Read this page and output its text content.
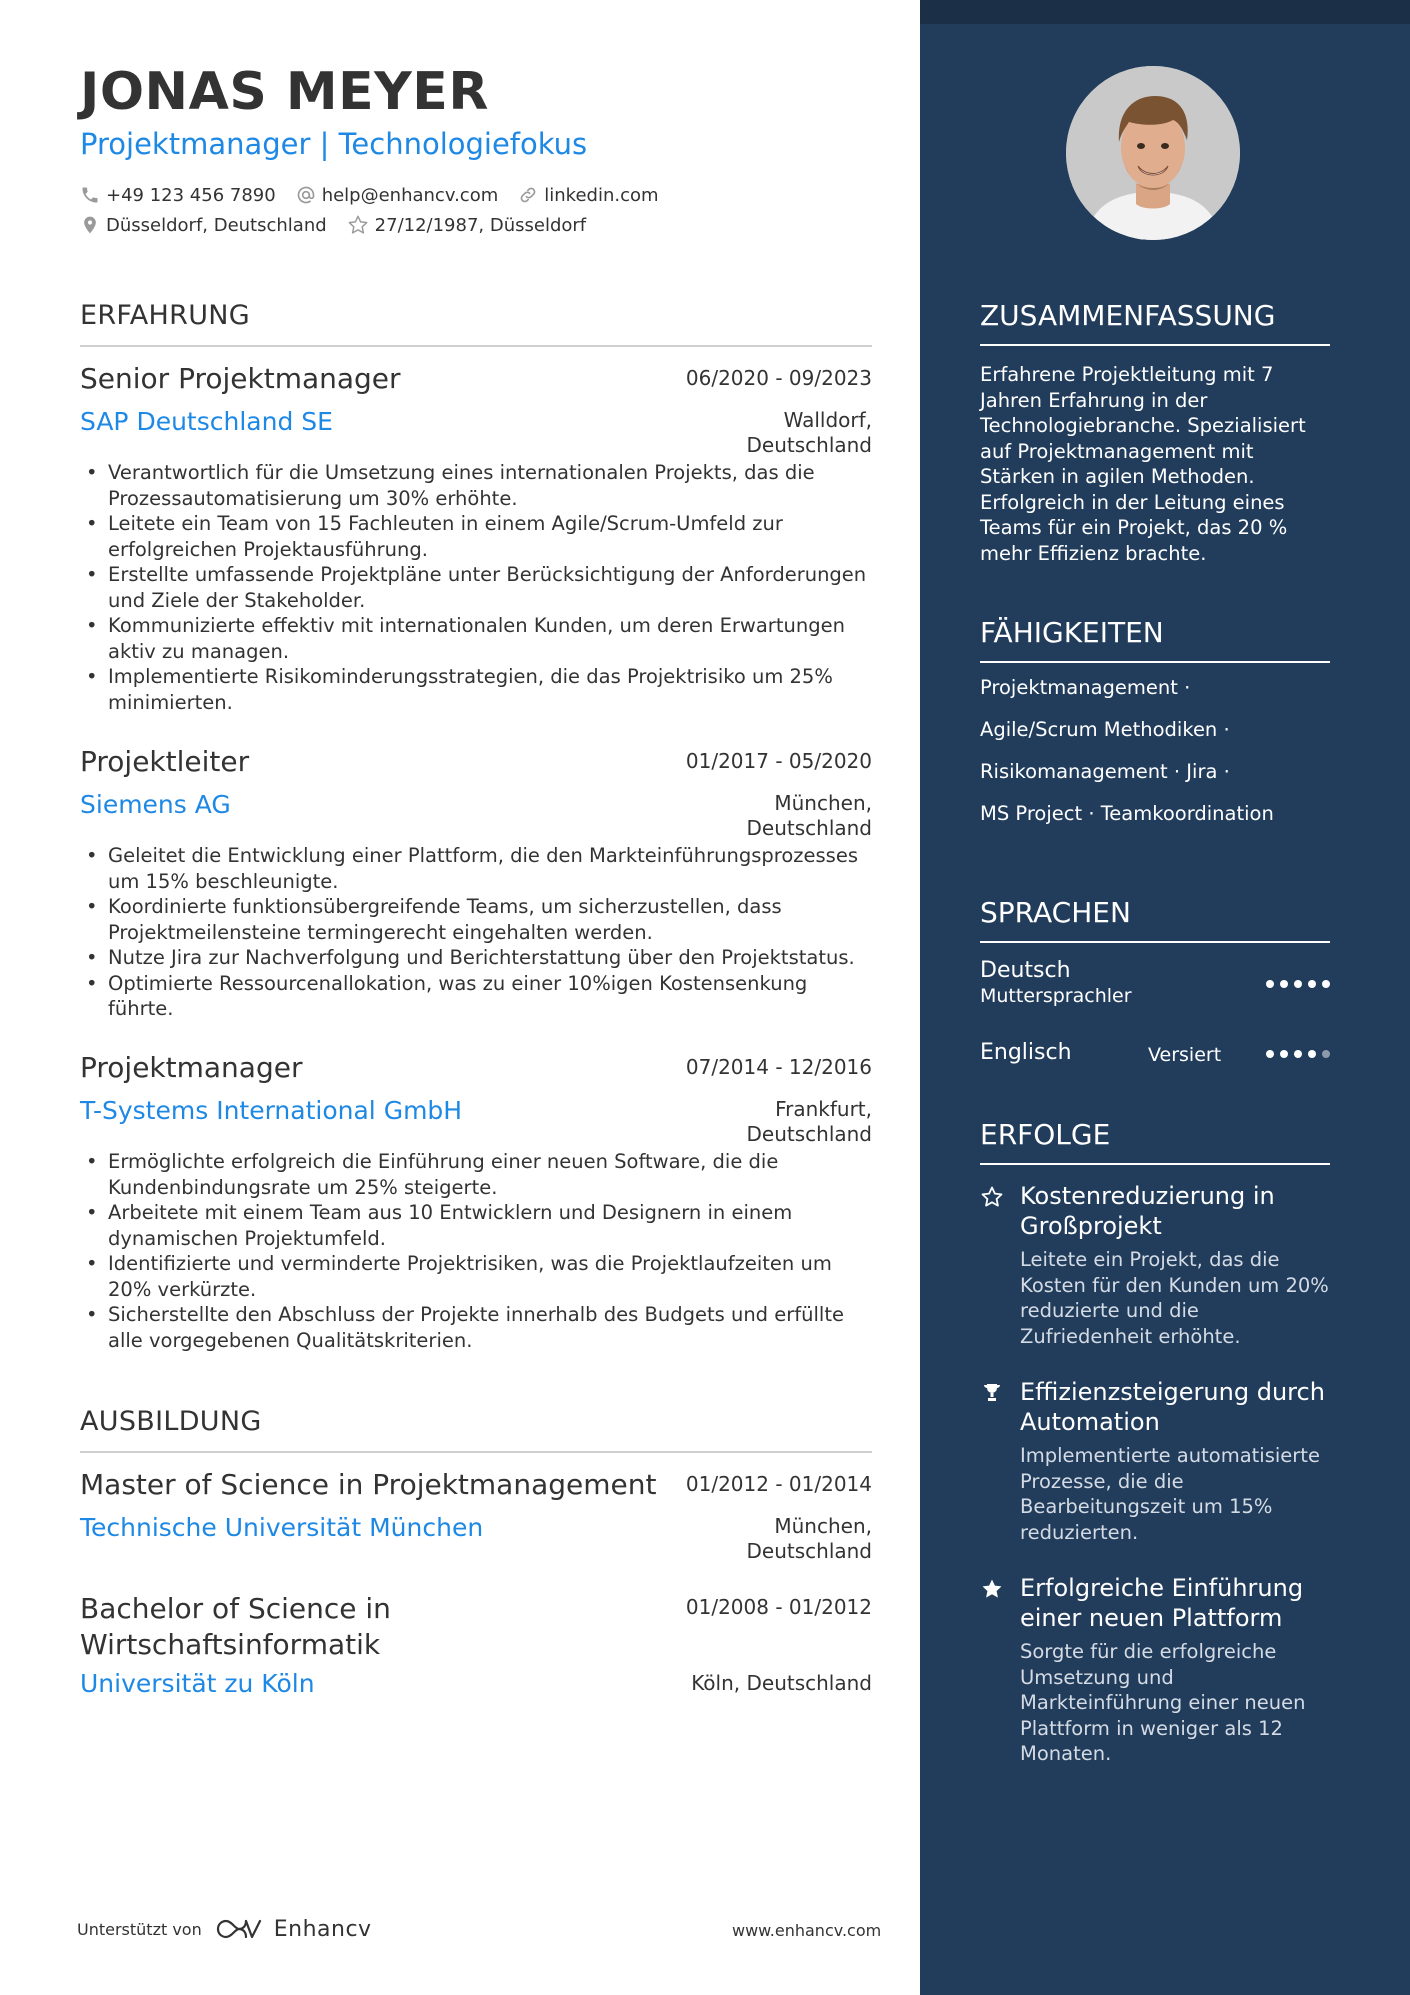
JONAS MEYER
Projektmanager | Technologiefokus
+49 123 456 7890	help@enhancv.com	linkedin.com
Düsseldorf, Deutschland	27/12/1987, Düsseldorf
ERFAHRUNG
Senior Projektmanager	06/2020 - 09/2023
SAP Deutschland SE	Walldorf,
Deutschland
• Verantwortlich für die Umsetzung eines internationalen Projekts, das die Prozessautomatisierung um 30% erhöhte.
• Leitete ein Team von 15 Fachleuten in einem Agile/Scrum-Umfeld zur erfolgreichen Projektausführung.
• Erstellte umfassende Projektpläne unter Berücksichtigung der Anforderungen und Ziele der Stakeholder.
• Kommunizierte effektiv mit internationalen Kunden, um deren Erwartungen aktiv zu managen.
• Implementierte Risikominderungsstrategien, die das Projektrisiko um 25% minimierten.
Projektleiter	01/2017 - 05/2020
Siemens AG	München,
Deutschland
• Geleitet die Entwicklung einer Plattform, die den Markteinführungsprozesses um 15% beschleunigte.
• Koordinierte funktionsübergreifende Teams, um sicherzustellen, dass Projektmeilensteine termingerecht eingehalten werden.
• Nutze Jira zur Nachverfolgung und Berichterstattung über den Projektstatus.
• Optimierte Ressourcenallokation, was zu einer 10%igen Kostensenkung führte.
Projektmanager	07/2014 - 12/2016
T-Systems International GmbH	Frankfurt,
Deutschland
• Ermöglichte erfolgreich die Einführung einer neuen Software, die die Kundenbindungsrate um 25% steigerte.
• Arbeitete mit einem Team aus 10 Entwicklern und Designern in einem dynamischen Projektumfeld.
• Identifizierte und verminderte Projektrisiken, was die Projektlaufzeiten um 20% verkürzte.
• Sicherstellte den Abschluss der Projekte innerhalb des Budgets und erfüllte alle vorgegebenen Qualitätskriterien.
AUSBILDUNG
Master of Science in Projektmanagement	01/2012 - 01/2014
Technische Universität München	München,
Deutschland
Bachelor of Science in
Wirtschaftsinformatik
01/2008 - 01/2012
Universität zu Köln	Köln, Deutschland
Unterstützt von	Enhancv	www.enhancv.com
ZUSAMMENFASSUNG
Erfahrene Projektleitung mit 7 Jahren Erfahrung in der Technologiebranche. Spezialisiert auf Projektmanagement mit Stärken in agilen Methoden. Erfolgreich in der Leitung eines Teams für ein Projekt, das 20 % mehr Effizienz brachte.
FÄHIGKEITEN
Projektmanagement ·
Agile/Scrum Methodiken ·
Risikomanagement · Jira ·
MS Project · Teamkoordination
SPRACHEN
Deutsch
Muttersprachler
Englisch	Versiert
ERFOLGE
Kostenreduzierung in Großprojekt
Leitete ein Projekt, das die Kosten für den Kunden um 20% reduzierte und die Zufriedenheit erhöhte.
Effizienzsteigerung durch Automation
Implementierte automatisierte Prozesse, die die Bearbeitungszeit um 15% reduzierten.
Erfolgreiche Einführung einer neuen Plattform
Sorgte für die erfolgreiche Umsetzung und Markteinführung einer neuen Plattform in weniger als 12 Monaten.
